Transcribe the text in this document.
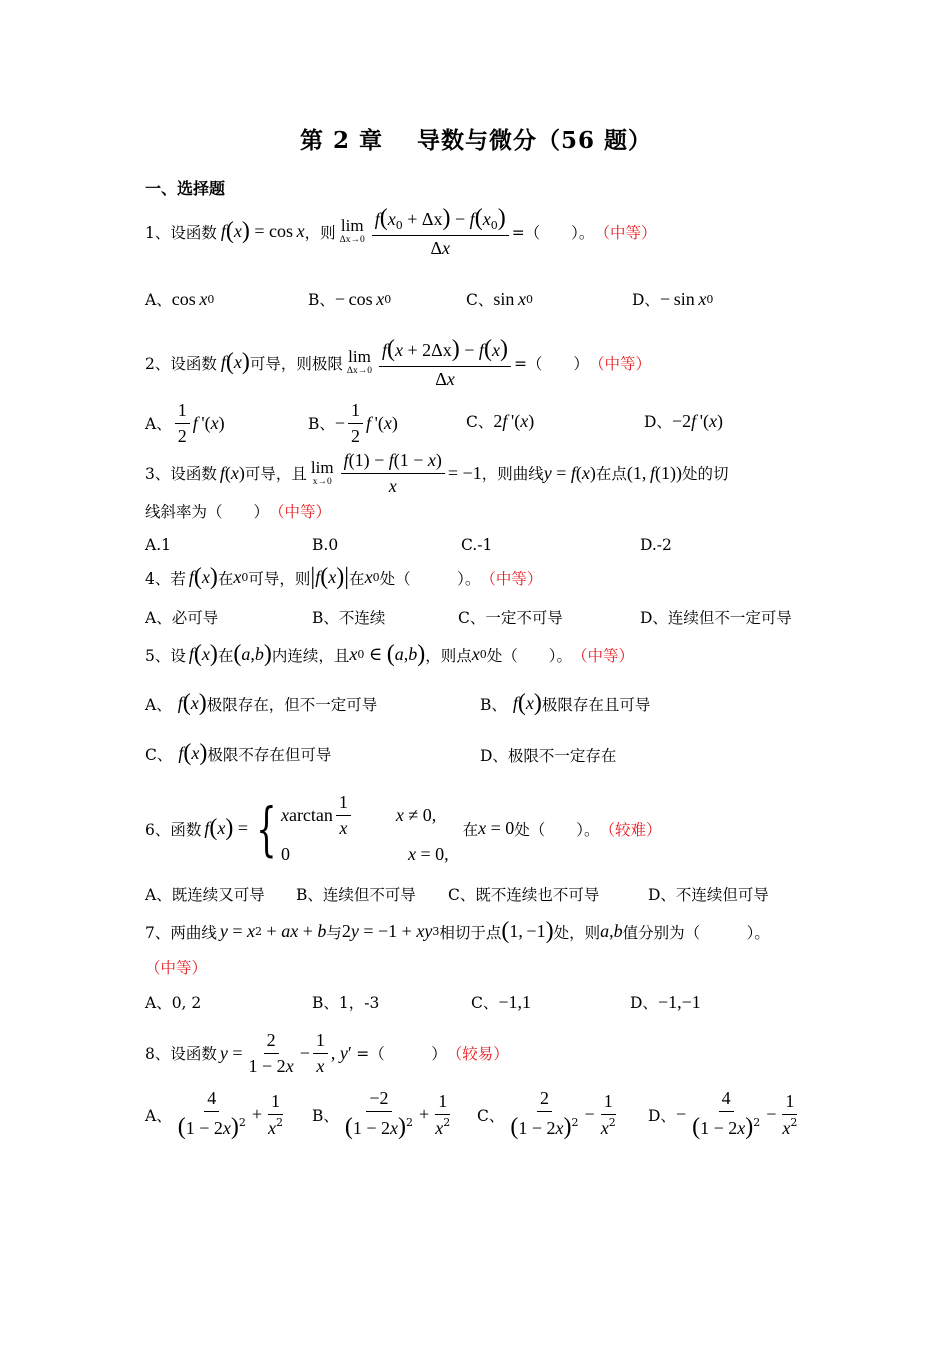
第 2 章 导数与微分（56 题）
一、选择题
1、设函数 f ( x ) = cos  x ，则 lim
$\Delta x\to 0 \frac{f(x_0 + \Delta x) - f(x_0)}{\Delta x}$ =（　　）。 （中等）
A、 cos  x 0	B、 − cos  x 0	C、 sin  x 0	D、 − sin  x 0
2、设函数 f ( x ) 可导，则极限 lim
$\Delta x\to 0 \frac{f(x + 2\Delta x) - f(x)}{\Delta x}$ =（　　） （中等）
A、 $\frac{1}{2}$ f  '( x )	B、 − $\frac{1}{2}$ f  '( x )	C、 2 f  '( x )	D、 −2 f  '( x )
3、设函数 f ( x ) 可导，且 lim
$x\to 0 \frac{f(1) - f(1 - x)}{x} = -1$ ，则曲线 y = f ( x ) 在点 (1,  f (1)) 处的切
线斜率为（　　） （中等）
A.1	B.0	C.-1	D.-2
4、若 f ( x ) 在 x 0 可导，则 | f ( x )| 在 x 0 处（　　　）。 （中等）
A、必可导	B、不连续	C、一定不可导	D、连续但不一定可导
5、设 f ( x ) 在 ( a , b ) 内连续，且 x 0 ∈ ( a , b ) ，则点 x 0 处（　　）。 （中等）
A、 f ( x ) 极限存在，但不一定可导	B、 f ( x ) 极限存在且可导
C、 f ( x ) 极限不存在但可导	D、极限不一定存在
6、函数 f ( x ) = { x $\arctan \frac{1}{x}$	x ≠ 0,
0	x = 0,
在 x = 0 处（　　）。 （较难）
A、既连续又可导 B、连续但不可导 C、既不连续也不可导	D、不连续但可导
7、两曲线 y = x 2 + ax + b 与 2 y = −1 + xy 3 相切于点 ( 1, −1 ) 处，则 a , b 值分别为（　　　）。
（中等）
A、0, 2	B、1，-3	C、 −1,1	D、 −1,−1
8、设函数 $y = \frac{2}{1 - 2x} - \frac{1}{x}$ , y ′ =（　　　） （较易）
A、 $\frac{4}{(1 - 2x)^2} + \frac{1}{x^2}$ B、 $\frac{-2}{(1 - 2x)^2} + \frac{1}{x^2}$ C、 $\frac{2}{(1 - 2x)^2} - \frac{1}{x^2}$ D、 − $\frac{4}{(1 - 2x)^2} - \frac{1}{x^2}$
